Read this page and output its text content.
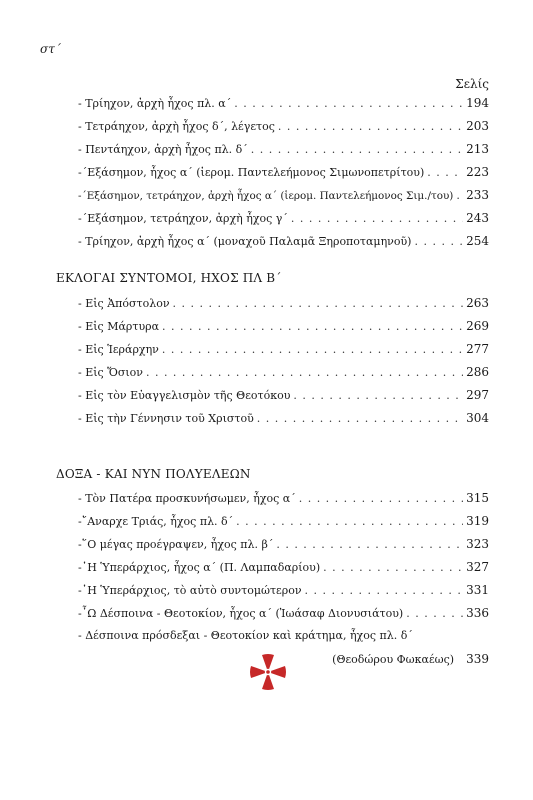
στ΄
Σελίς
- Τρίηχον, ἀρχὴ ἦχος πλ. α΄ . . .	194
- Τετράηχον, ἀρχὴ ἦχος δ΄, λέγετος . . .	203
- Πεντάηχον, ἀρχὴ ἦχος πλ. δ΄ . . .	213
-΄Εξάσημον, ἦχος α΄ (ἱερομ. Παντελεήμονος Σιμωνοπετρίτου) . . .	223
-΄Εξάσημον, τετράηχον, ἀρχὴ ἦχος α΄ (ἱερομ. Παντελεήμονος Σιμ./του) . . . 233
-΄Εξάσημον, τετράηχον, ἀρχὴ ἦχος γ΄ . . .	243
- Τρίηχον, ἀρχὴ ἦχος α΄ (μοναχοῦ Παλαμᾶ Ξηροποταμηνοῦ) . . .	254
ΕΚΛΟΓΑΙ ΣΥΝΤΟΜΟΙ, ΗΧΟΣ ΠΛ Β΄
- Εἰς Ἀπόστολον . . .	263
- Εἰς Μάρτυρα . . .	269
- Εἰς Ἱεράρχην . . .	277
- Εἰς Ὅσιον . . .	286
- Εἰς τὸν Εὐαγγελισμὸν τῆς Θεοτόκου . . .	297
- Εἰς τὴν Γέννησιν τοῦ Χριστοῦ . . .	304
ΔΟΞΑ - ΚΑΙ ΝΥΝ ΠΟΛΥΕΛΕΩΝ
- Τὸν Πατέρα προσκυνήσωμεν, ἦχος α΄ . . .	315
-῎Αναρχε Τριάς, ἦχος πλ. δ΄ . . .	319
-῞Ο μέγας προέγραψεν, ἦχος πλ. β΄ . . .	323
-῾Η Ὑπεράρχιος, ἦχος α΄ (Π. Λαμπαδαρίου) . . .	327
-῾Η Ὑπεράρχιος, τὸ αὐτὸ συντομώτερον . . .	331
-῏Ω Δέσποινα - Θεοτοκίον, ἦχος α΄ (Ἰωάσαφ Διονυσιάτου) . . .	336
- Δέσποινα πρόσδεξαι - Θεοτοκίον καὶ κράτημα, ἦχος πλ. δ΄
(Θεοδώρου Φωκαέως) 339
